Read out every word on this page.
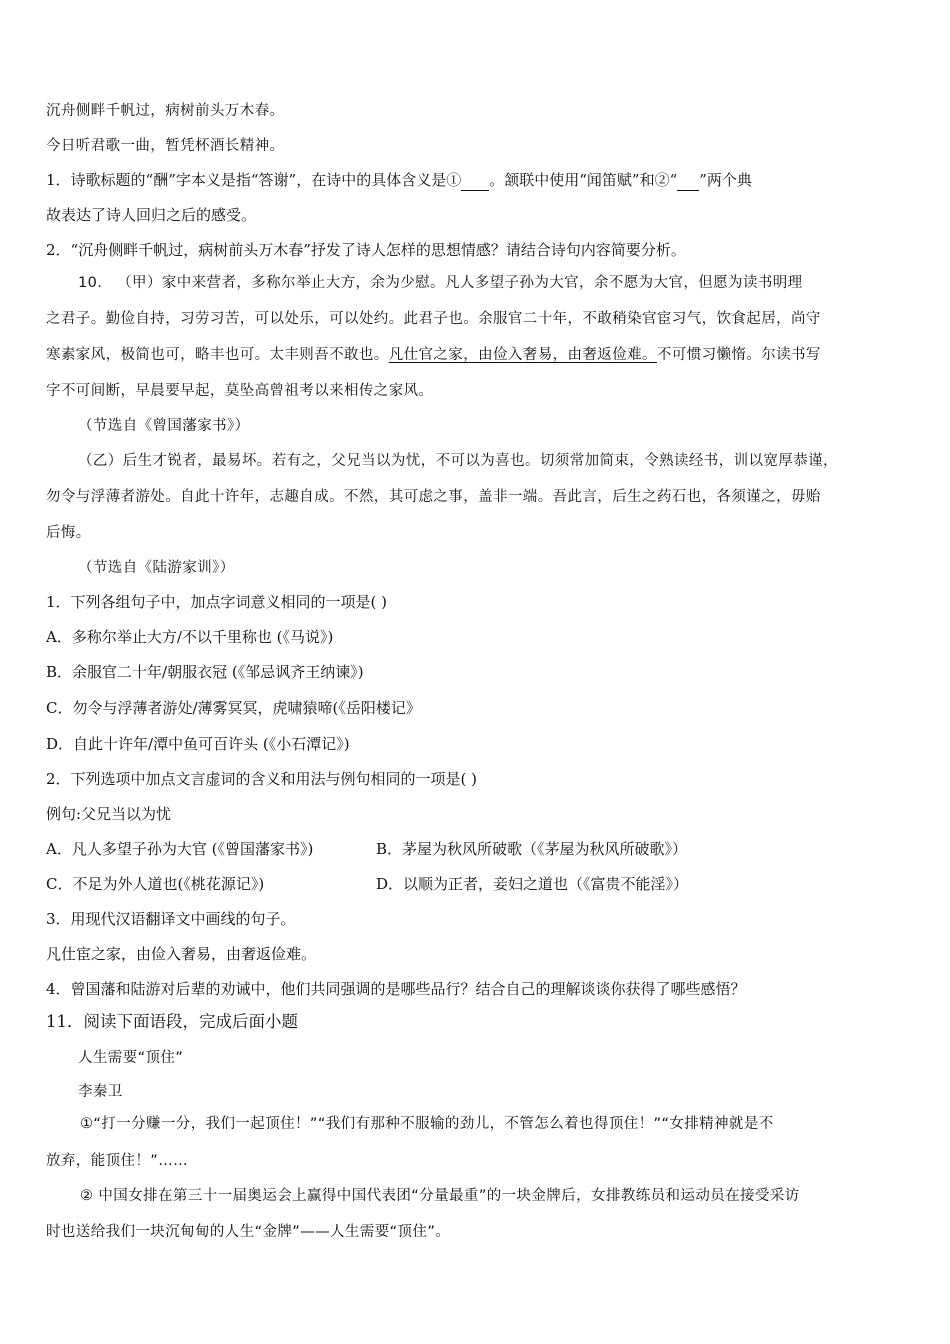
沉舟侧畔千帆过，病树前头万木春。
今日听君歌一曲，暂凭杯酒长精神。
1．诗歌标题的“酬”字本义是指“答谢”，在诗中的具体含义是① 。颔联中使用“闻笛赋”和②“ ”两个典
故表达了诗人回归之后的感受。
2．“沉舟侧畔千帆过，病树前头万木春”抒发了诗人怎样的思想情感？请结合诗句内容简要分析。
10． （甲）家中来营者，多称尔举止大方，余为少慰。凡人多望子孙为大官，余不愿为大官，但愿为读书明理
之君子。勤俭自持，习劳习苦，可以处乐，可以处约。此君子也。余服官二十年，不敢稍染官宦习气，饮食起居，尚守
寒素家风，极简也可，略丰也可。太丰则吾不敢也。凡仕官之家，由俭入奢易，由奢返俭难。不可惯习懒惰。尔读书写
字不可间断，早晨要早起，莫坠高曾祖考以来相传之家风。
（节选自《曾国藩家书》）
（乙）后生才锐者，最易坏。若有之，父兄当以为忧，不可以为喜也。切须常加简束，令熟读经书，训以宽厚恭谨，
勿令与浮薄者游处。自此十许年，志趣自成。不然，其可虑之事，盖非一端。吾此言，后生之药石也，各须谨之，毋贻
后悔。
（节选自《陆游家训》）
1．下列各组句子中，加点字词意义相同的一项是( )
A．多称尔举止大方/不以千里称也 (《马说》)
B．余服官二十年/朝服衣冠 (《邹忌讽齐王纳谏》)
C．勿令与浮薄者游处/薄雾冥冥，虎啸猿啼(《岳阳楼记》
D．自此十许年/潭中鱼可百许头 (《小石潭记》)
2．下列选项中加点文言虚词的含义和用法与例句相同的一项是( )
例句:父兄当以为忧
A．凡人多望子孙为大官 (《曾国藩家书》)	B．茅屋为秋风所破歌（《茅屋为秋风所破歌》）
C．不足为外人道也(《桃花源记》)	D．以顺为正者，妾妇之道也（《富贵不能淫》）
3．用现代汉语翻译文中画线的句子。
凡仕宦之家，由俭入奢易，由奢返俭难。
4．曾国藩和陆游对后辈的劝诫中，他们共同强调的是哪些品行？结合自己的理解谈谈你获得了哪些感悟？
11．阅读下面语段，完成后面小题
人生需要“顶住”
李秦卫
①“打一分赚一分，我们一起顶住！”“我们有那种不服输的劲儿，不管怎么着也得顶住！”“女排精神就是不
放弃，能顶住！”……
② 中国女排在第三十一届奥运会上赢得中国代表团“分量最重”的一块金牌后，女排教练员和运动员在接受采访
时也送给我们一块沉甸甸的人生“金牌”——人生需要“顶住”。
